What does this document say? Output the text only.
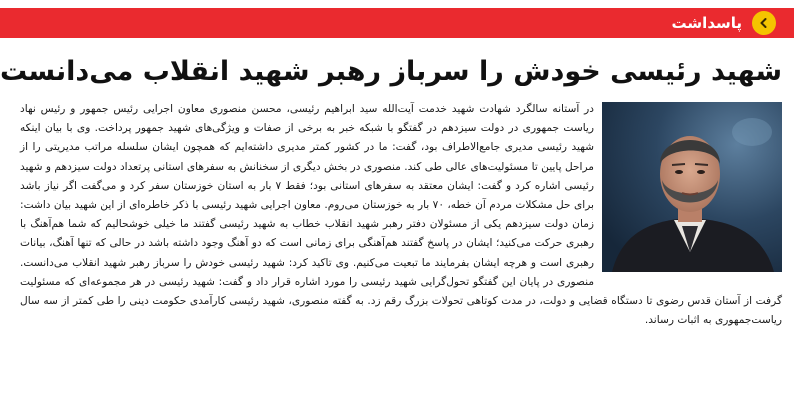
پاسداشت
شهید رئیسی خودش را سرباز رهبر شهید انقلاب می‌دانست

در آستانه سالگرد شهادت شهید خدمت آیت‌الله سید ابراهیم رئیسی، محسن منصوری معاون اجرایی رئیس جمهور و رئیس نهاد ریاست جمهوری در دولت سیزدهم در گفتگو با شبکه خبر به برخی از صفات و ویژگی‌های شهید جمهور پرداخت. وی با بیان اینکه شهید رئیسی مدیری جامع‌الاطراف بود، گفت: ما در کشور کمتر مدیری داشته‌ایم که همچون ایشان سلسله مراتب مدیریتی را از مراحل پایین تا مسئولیت‌های عالی طی کند. منصوری در بخش دیگری از سخنانش به سفرهای استانی پرتعداد دولت سیزدهم و شهید رئیسی اشاره کرد و گفت: ایشان معتقد به سفرهای استانی بود؛ فقط ۷ بار به استان خوزستان سفر کرد و می‌گفت اگر نیاز باشد برای حل مشکلات مردم آن خطه، ۷۰ بار به خوزستان می‌روم. معاون اجرایی شهید رئیسی با ذکر خاطره‌ای از این شهید بیان داشت: زمان دولت سیزدهم یکی از مسئولان دفتر رهبر شهید انقلاب خطاب به شهید رئیسی گفتند ما خیلی خوشحالیم که شما هم‌آهنگ با رهبری حرکت می‌کنید؛ ایشان در پاسخ گفتند هم‌آهنگی برای زمانی است که دو آهنگ وجود داشته باشد در حالی که تنها آهنگ، بیانات رهبری است و هرچه ایشان بفرمایند ما تبعیت می‌کنیم. وی تاکید کرد: شهید رئیسی خودش را سرباز رهبر شهید انقلاب می‌دانست. منصوری در پایان این گفتگو تحول‌گرایی شهید رئیسی را مورد اشاره قرار داد و گفت: شهید رئیسی در هر مجموعه‌ای که مسئولیت گرفت از آستان قدس رضوی تا دستگاه قضایی و دولت، در مدت کوتاهی تحولات بزرگ رقم زد. به گفته منصوری، شهید رئیسی کارآمدی حکومت دینی را طی کمتر از سه سال ریاست‌جمهوری به اثبات رساند.
